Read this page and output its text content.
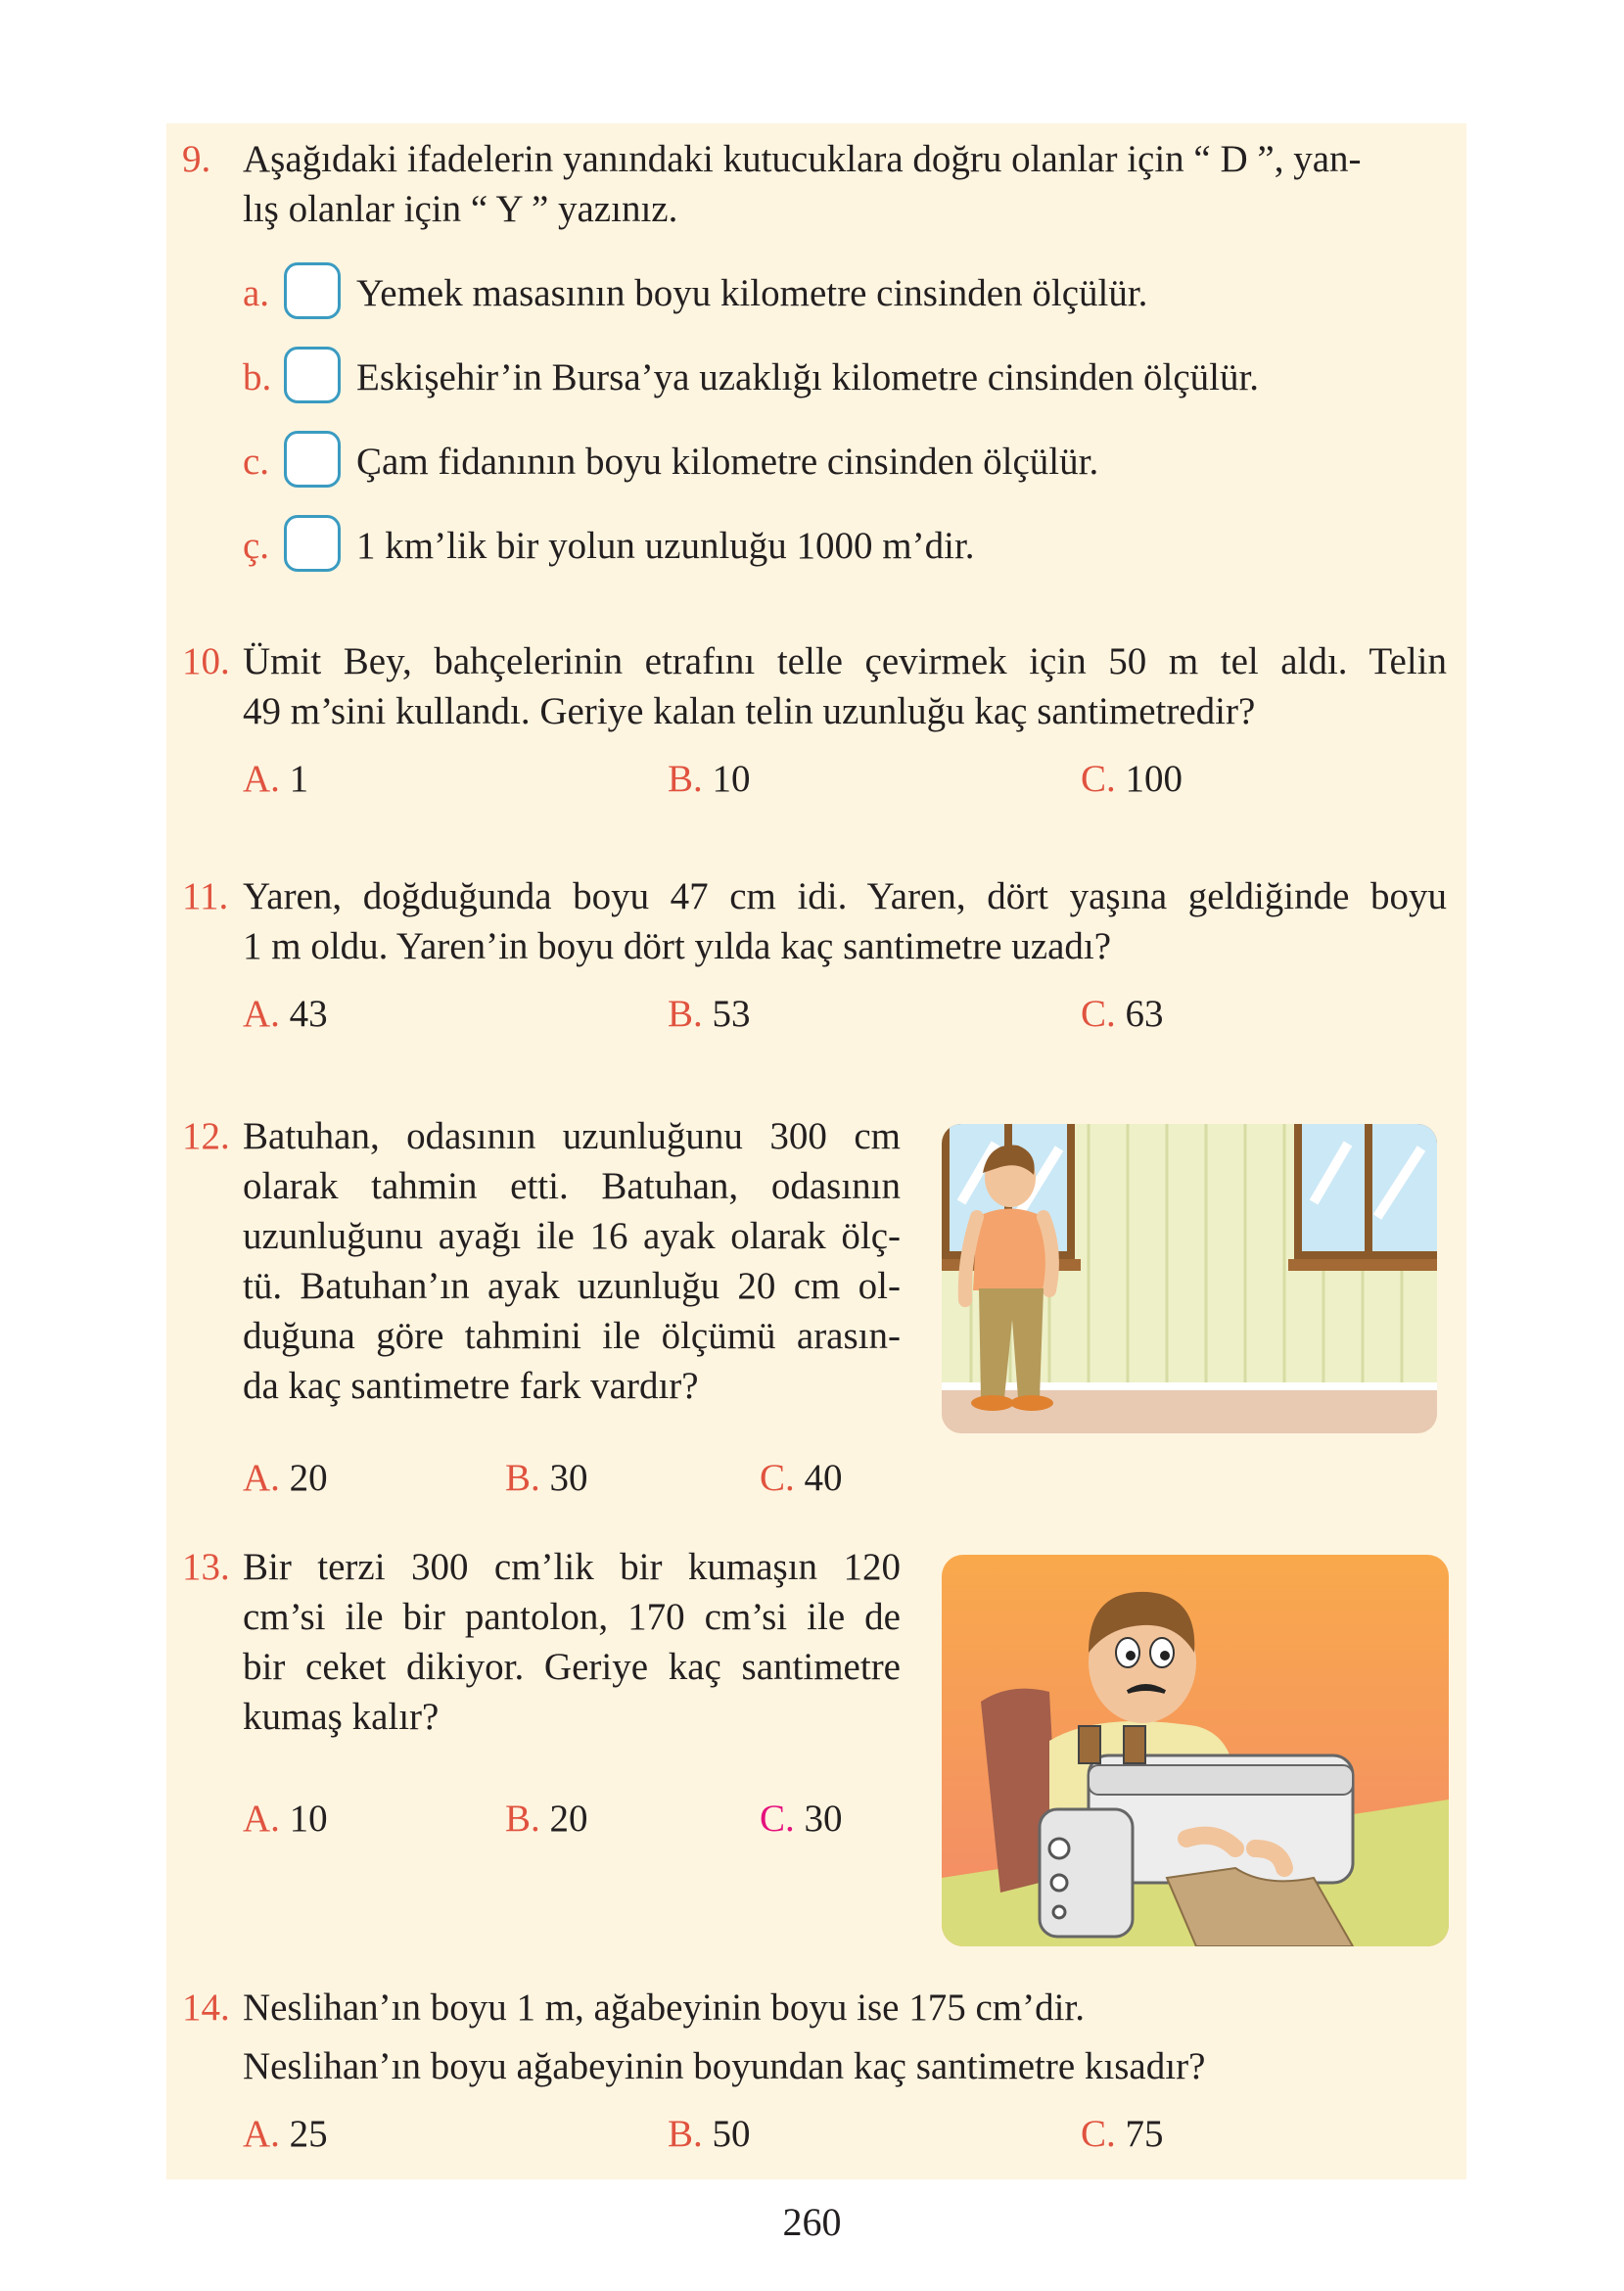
9. Aşağıdaki ifadelerin yanındaki kutucuklara doğru olanlar için “ D ”, yan-
lış olanlar için “ Y ” yazınız.
a. Yemek masasının boyu kilometre cinsinden ölçülür.
b. Eskişehir’in Bursa’ya uzaklığı kilometre cinsinden ölçülür.
c. Çam fidanının boyu kilometre cinsinden ölçülür.
ç. 1 km’lik bir yolun uzunluğu 1000 m’dir.
10. Ümit Bey, bahçelerinin etrafını telle çevirmek için 50 m tel aldı. Telin
49 m’sini kullandı. Geriye kalan telin uzunluğu kaç santimetredir?
A. 1	B. 10	C. 100
11. Yaren, doğduğunda boyu 47 cm idi. Yaren, dört yaşına geldiğinde boyu
1 m oldu. Yaren’in boyu dört yılda kaç santimetre uzadı?
A. 43	B. 53	C. 63
12. Batuhan, odasının uzunluğunu 300 cm
olarak tahmin etti. Batuhan, odasının
uzunluğunu ayağı ile 16 ayak olarak ölç-
tü. Batuhan’ın ayak uzunluğu 20 cm ol-
duğuna göre tahmini ile ölçümü arasın-
da kaç santimetre fark vardır?
A. 20	B. 30	C. 40
13. Bir terzi 300 cm’lik bir kumaşın 120
cm’si ile bir pantolon, 170 cm’si ile de
bir ceket dikiyor. Geriye kaç santimetre
kumaş kalır?
A. 10	B. 20	C. 30
14. Neslihan’ın boyu 1 m, ağabeyinin boyu ise 175 cm’dir.
Neslihan’ın boyu ağabeyinin boyundan kaç santimetre kısadır?
A. 25	B. 50	C. 75
260
